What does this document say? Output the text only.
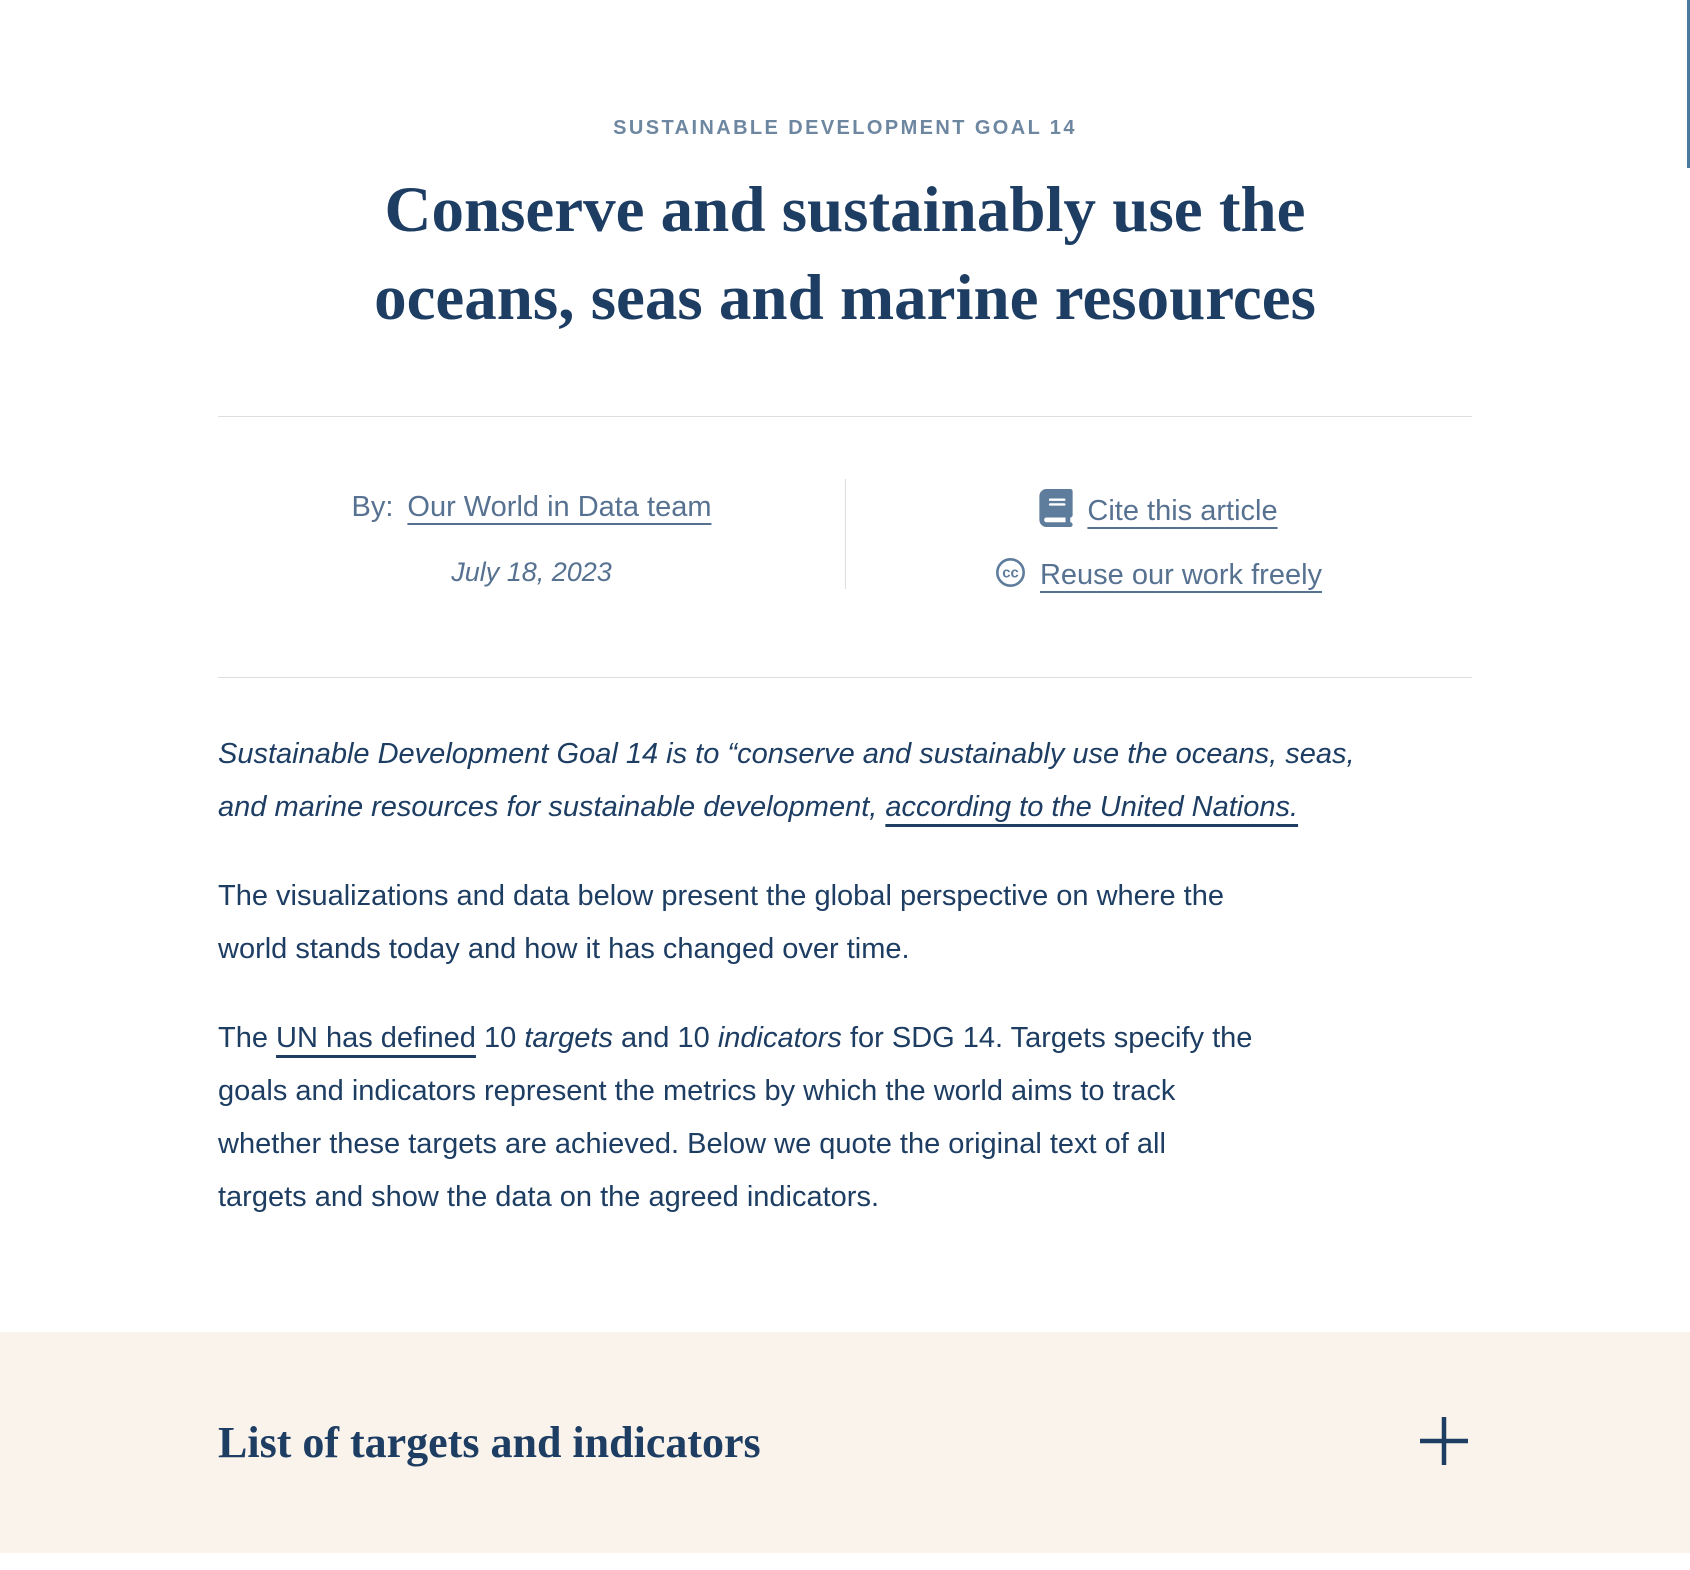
SUSTAINABLE DEVELOPMENT GOAL 14
Conserve and sustainably use the
oceans, seas and marine resources
By: Our World in Data team
July 18, 2023
Cite this article
cc Reuse our work freely

Sustainable Development Goal 14 is to “conserve and sustainably use the oceans, seas,
and marine resources for sustainable development, according to the United Nations.

The visualizations and data below present the global perspective on where the
world stands today and how it has changed over time.

The UN has defined 10 targets and 10 indicators for SDG 14. Targets specify the
goals and indicators represent the metrics by which the world aims to track
whether these targets are achieved. Below we quote the original text of all
targets and show the data on the agreed indicators.

List of targets and indicators
